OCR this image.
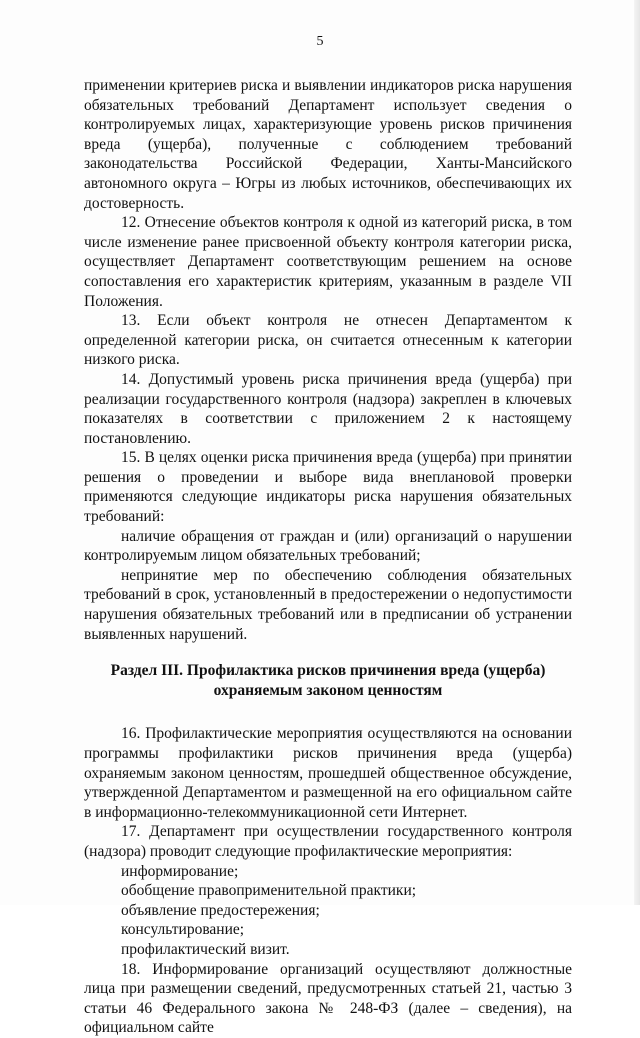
5

применении критериев риска и выявлении индикаторов риска нарушения обязательных требований Департамент использует сведения о контролируемых лицах, характеризующие уровень рисков причинения вреда (ущерба), полученные с соблюдением требований законодательства Российской Федерации, Ханты-Мансийского автономного округа – Югры из любых источников, обеспечивающих их достоверность.

12. Отнесение объектов контроля к одной из категорий риска, в том числе изменение ранее присвоенной объекту контроля категории риска, осуществляет Департамент соответствующим решением на основе сопоставления его характеристик критериям, указанным в разделе VII Положения.

13. Если объект контроля не отнесен Департаментом к определенной категории риска, он считается отнесенным к категории низкого риска.

14. Допустимый уровень риска причинения вреда (ущерба) при реализации государственного контроля (надзора) закреплен в ключевых показателях в соответствии с приложением 2 к настоящему постановлению.

15. В целях оценки риска причинения вреда (ущерба) при принятии решения о проведении и выборе вида внеплановой проверки применяются следующие индикаторы риска нарушения обязательных требований:

наличие обращения от граждан и (или) организаций о нарушении контролируемым лицом обязательных требований;

непринятие мер по обеспечению соблюдения обязательных требований в срок, установленный в предостережении о недопустимости нарушения обязательных требований или в предписании об устранении выявленных нарушений.

Раздел III. Профилактика рисков причинения вреда (ущерба) охраняемым законом ценностям

16. Профилактические мероприятия осуществляются на основании программы профилактики рисков причинения вреда (ущерба) охраняемым законом ценностям, прошедшей общественное обсуждение, утвержденной Департаментом и размещенной на его официальном сайте в информационно-телекоммуникационной сети Интернет.

17. Департамент при осуществлении государственного контроля (надзора) проводит следующие профилактические мероприятия:

информирование;

обобщение правоприменительной практики;

объявление предостережения;

консультирование;

профилактический визит.

18. Информирование организаций осуществляют должностные лица при размещении сведений, предусмотренных статьей 21, частью 3 статьи 46 Федерального закона № 248-ФЗ (далее – сведения), на официальном сайте
